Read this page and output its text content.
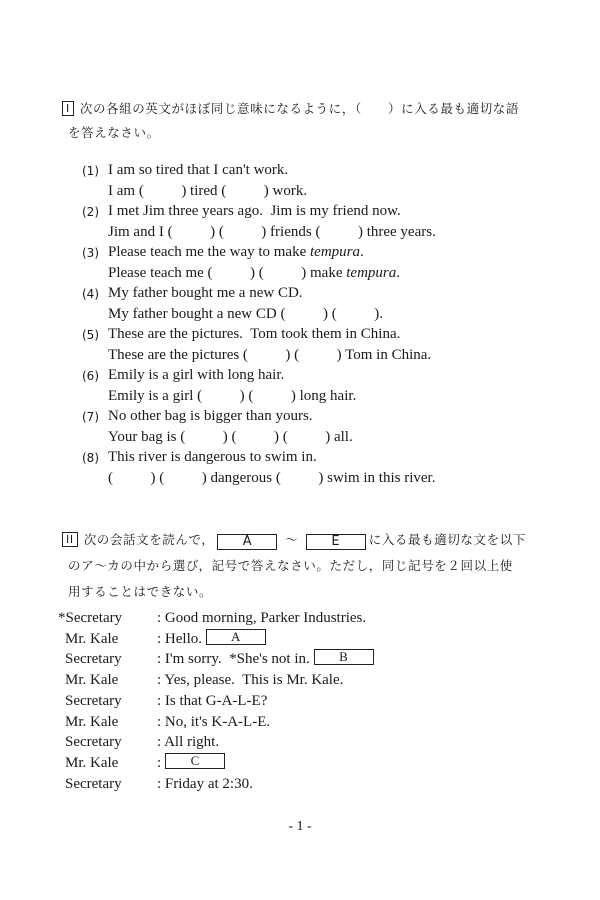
I 次の各組の英文がほぼ同じ意味になるように，（　　）に入る最も適切な語
を答えなさい。
(1) I am so tired that I can't work.
I am (　　 ) tired (　　 ) work.
(2) I met Jim three years ago.  Jim is my friend now.
Jim and I (　　 ) (　　 ) friends (　　 ) three years.
(3) Please teach me the way to make tempura.
Please teach me (　　 ) (　　 ) make tempura.
(4) My father bought me a new CD.
My father bought a new CD (　　 ) (　　 ).
(5) These are the pictures.  Tom took them in China.
These are the pictures (　　 ) (　　 ) Tom in China.
(6) Emily is a girl with long hair.
Emily is a girl (　　 ) (　　 ) long hair.
(7) No other bag is bigger than yours.
Your bag is (　　 ) (　　 ) (　　 ) all.
(8) This river is dangerous to swim in.
(　　 ) (　　 ) dangerous (　　 ) swim in this river.
II 次の会話文を読んで， A	〜	E に入る最も適切な文を以下
のア〜カの中から選び，記号で答えなさい。ただし，同じ記号を２回以上使
用することはできない。
*Secretary	: Good morning, Parker Industries.
Mr. Kale	: Hello.	A
Secretary	: I'm sorry.  *She's not in.	B
Mr. Kale	: Yes, please.  This is Mr. Kale.
Secretary	: Is that G-A-L-E?
Mr. Kale	: No, it's K-A-L-E.
Secretary	: All right.
Mr. Kale	:	C
Secretary	: Friday at 2:30.
- 1 -
